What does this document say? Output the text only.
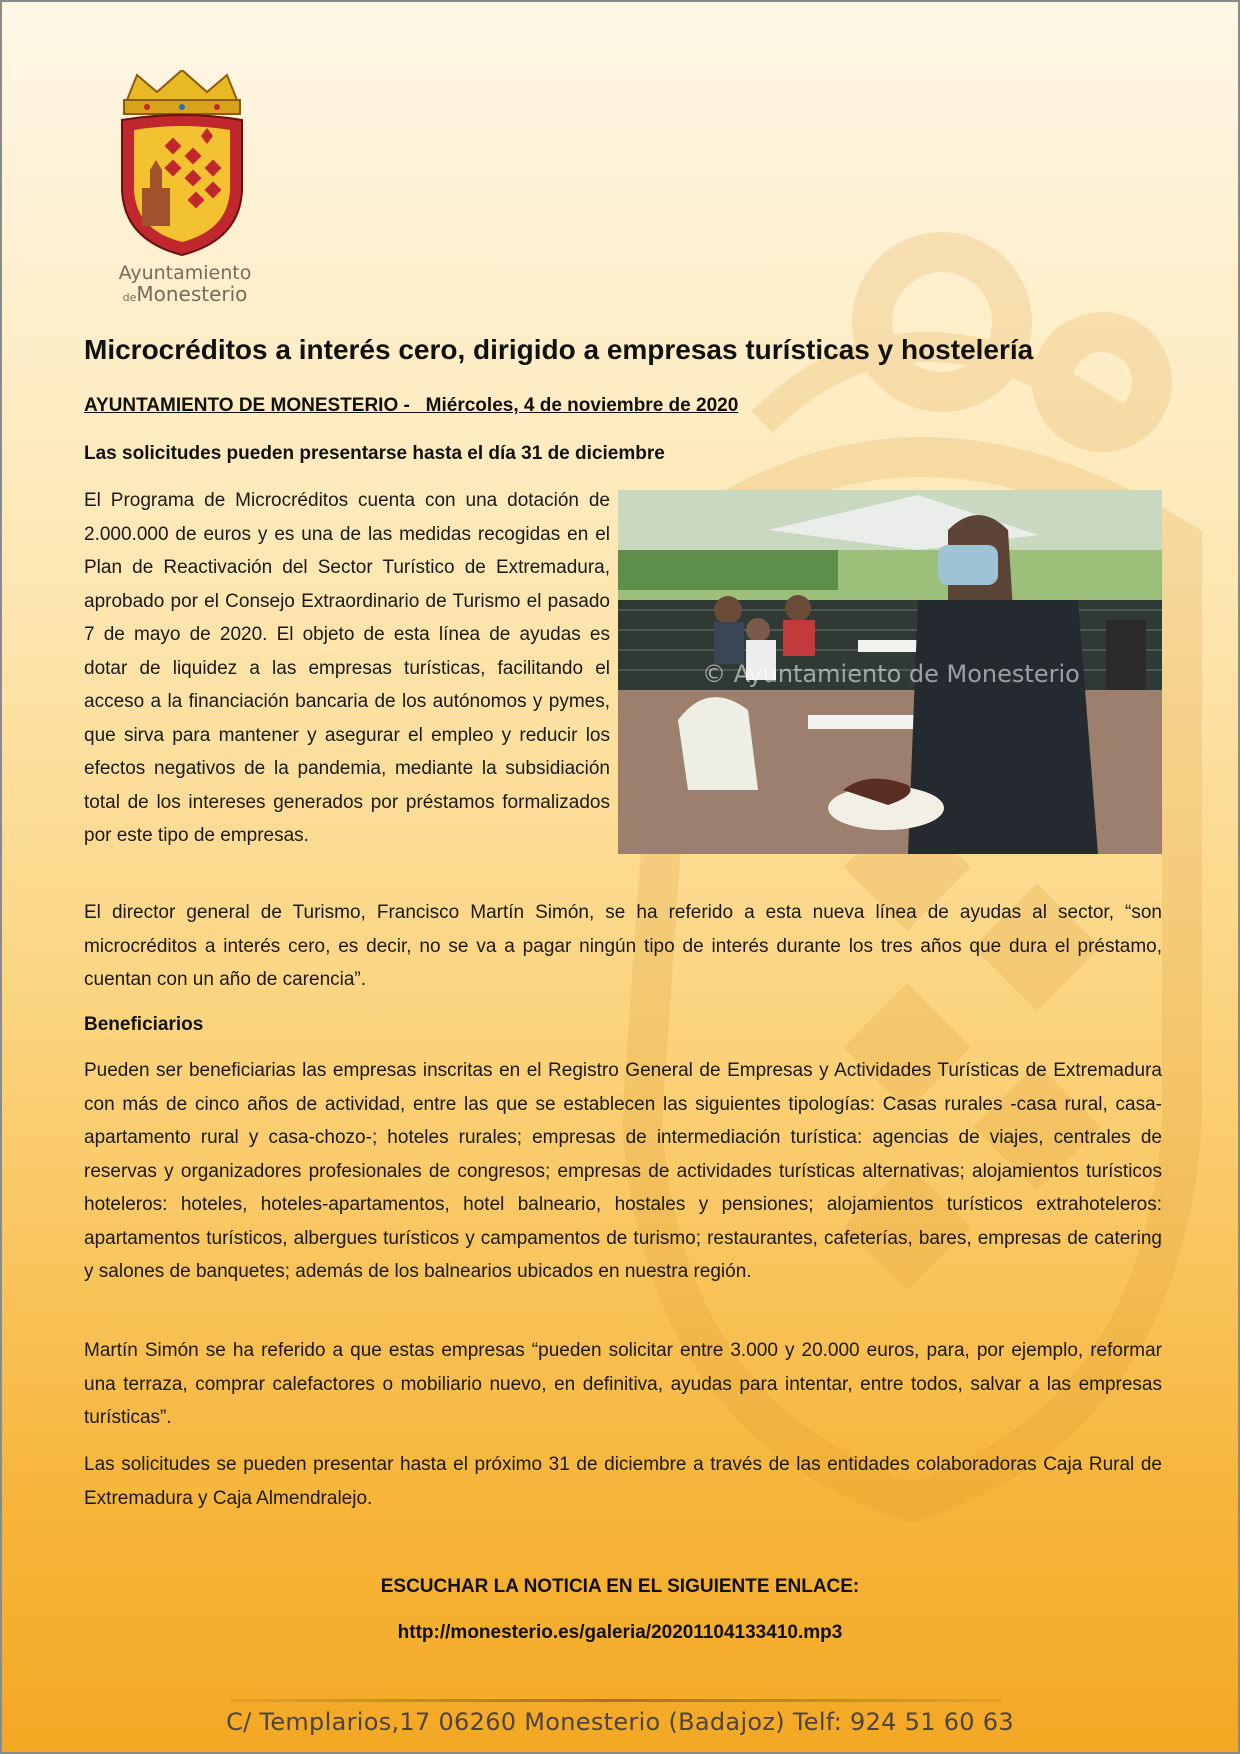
Ayuntamiento
deMonesterio
Microcréditos a interés cero, dirigido a empresas turísticas y hostelería

AYUNTAMIENTO DE MONESTERIO -   Miércoles, 4 de noviembre de 2020

Las solicitudes pueden presentarse hasta el día 31 de diciembre

El Programa de Microcréditos cuenta con una dotación de 2.000.000 de euros y es una de las medidas recogidas en el Plan de Reactivación del Sector Turístico de Extremadura, aprobado por el Consejo Extraordinario de Turismo el pasado 7 de mayo de 2020. El objeto de esta línea de ayudas es dotar de liquidez a las empresas turísticas, facilitando el acceso a la financiación bancaria de los autónomos y pymes, que sirva para mantener y asegurar el empleo y reducir los efectos negativos de la pandemia, mediante la subsidiación total de los intereses generados por préstamos formalizados por este tipo de empresas.

© Ayuntamiento de Monesterio

El director general de Turismo, Francisco Martín Simón, se ha referido a esta nueva línea de ayudas al sector, “son microcréditos a interés cero, es decir, no se va a pagar ningún tipo de interés durante los tres años que dura el préstamo, cuentan con un año de carencia”.

Beneficiarios

Pueden ser beneficiarias las empresas inscritas en el Registro General de Empresas y Actividades Turísticas de Extremadura con más de cinco años de actividad, entre las que se establecen las siguientes tipologías: Casas rurales -casa rural, casa-apartamento rural y casa-chozo-; hoteles rurales; empresas de intermediación turística: agencias de viajes, centrales de reservas y organizadores profesionales de congresos; empresas de actividades turísticas alternativas; alojamientos turísticos hoteleros: hoteles, hoteles-apartamentos, hotel balneario, hostales y pensiones; alojamientos turísticos extrahoteleros: apartamentos turísticos, albergues turísticos y campamentos de turismo; restaurantes, cafeterías, bares, empresas de catering y salones de banquetes; además de los balnearios ubicados en nuestra región.

Martín Simón se ha referido a que estas empresas “pueden solicitar entre 3.000 y 20.000 euros, para, por ejemplo, reformar una terraza, comprar calefactores o mobiliario nuevo, en definitiva, ayudas para intentar, entre todos, salvar a las empresas turísticas”.

Las solicitudes se pueden presentar hasta el próximo 31 de diciembre a través de las entidades colaboradoras Caja Rural de Extremadura y Caja Almendralejo.

ESCUCHAR LA NOTICIA EN EL SIGUIENTE ENLACE:
http://monesterio.es/galeria/20201104133410.mp3
C/ Templarios,17 06260 Monesterio (Badajoz) Telf: 924 51 60 63
